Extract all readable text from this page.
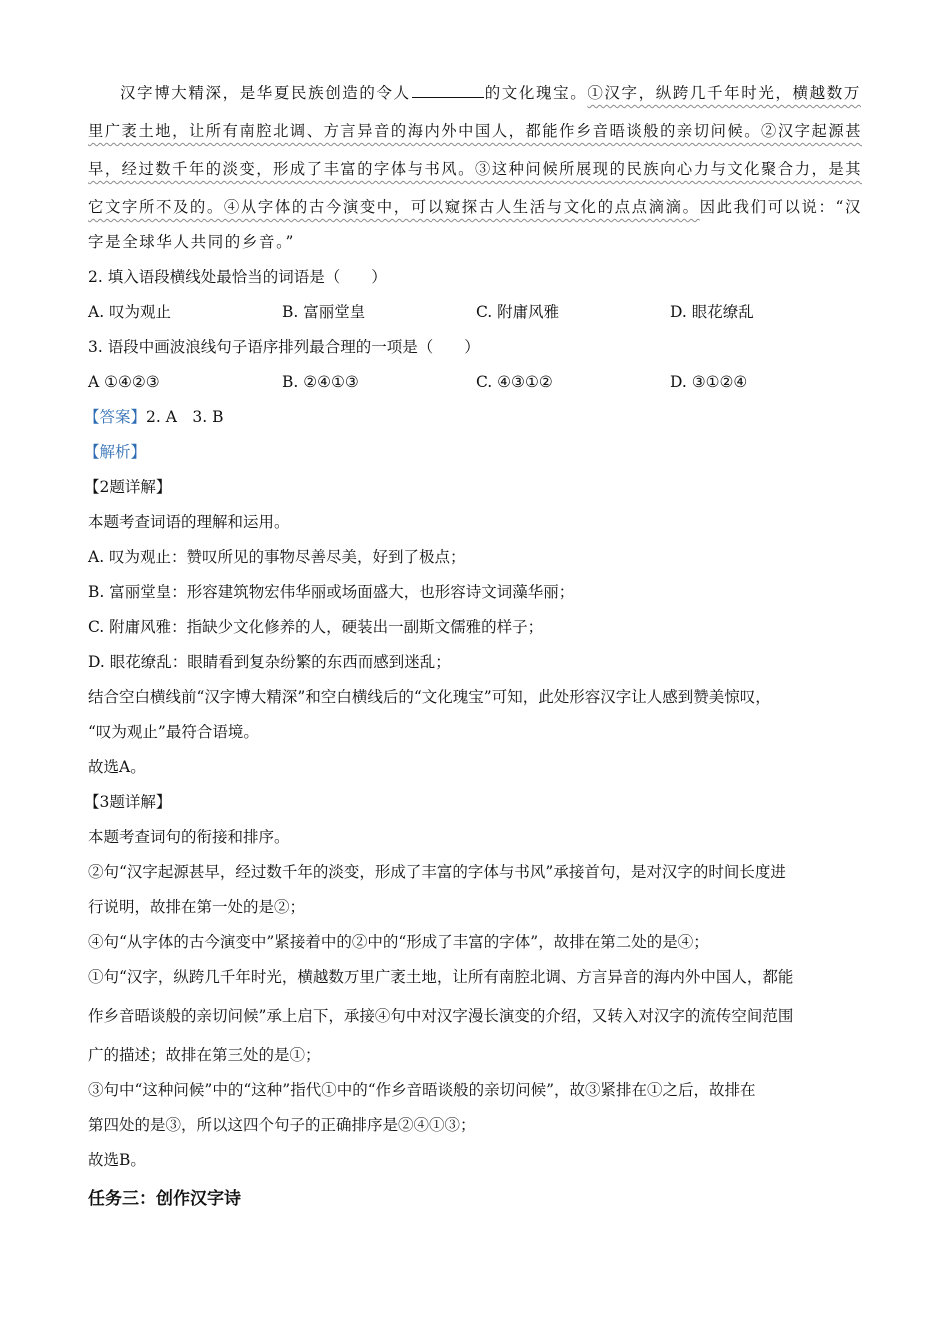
汉字博大精深，是华夏民族创造的令人	的文化瑰宝。①汉字，纵跨几千年时光，横越数万
里广袤土地，让所有南腔北调、方言异音的海内外中国人，都能作乡音晤谈般的亲切问候。②汉字起源甚
早，经过数千年的淡变，形成了丰富的字体与书风。③这种问候所展现的民族向心力与文化聚合力，是其
它文字所不及的。④从字体的古今演变中，可以窥探古人生活与文化的点点滴滴。因此我们可以说：“汉
字是全球华人共同的乡音。”
2. 填入语段横线处最恰当的词语是（　　）
A. 叹为观止	B. 富丽堂皇	C. 附庸风雅	D. 眼花缭乱
3. 语段中画波浪线句子语序排列最合理的一项是（　　）
A ①④②③	B. ②④①③	C. ④③①②	D. ③①②④
【答案】2. A　3. B
【解析】
【2题详解】
本题考查词语的理解和运用。
A. 叹为观止：赞叹所见的事物尽善尽美，好到了极点；
B. 富丽堂皇：形容建筑物宏伟华丽或场面盛大，也形容诗文词藻华丽；
C. 附庸风雅：指缺少文化修养的人，硬装出一副斯文儒雅的样子；
D. 眼花缭乱：眼睛看到复杂纷繁的东西而感到迷乱；
结合空白横线前“汉字博大精深”和空白横线后的“文化瑰宝”可知，此处形容汉字让人感到赞美惊叹，
“叹为观止”最符合语境。
故选A。
【3题详解】
本题考查词句的衔接和排序。
②句“汉字起源甚早，经过数千年的淡变，形成了丰富的字体与书风”承接首句，是对汉字的时间长度进
行说明，故排在第一处的是②；
④句“从字体的古今演变中”紧接着中的②中的“形成了丰富的字体”，故排在第二处的是④；
①句“汉字，纵跨几千年时光，横越数万里广袤土地，让所有南腔北调、方言异音的海内外中国人，都能
作乡音晤谈般的亲切问候”承上启下，承接④句中对汉字漫长演变的介绍，又转入对汉字的流传空间范围
广的描述；故排在第三处的是①；
③句中“这种问候”中的“这种”指代①中的“作乡音晤谈般的亲切问候”，故③紧排在①之后，故排在
第四处的是③，所以这四个句子的正确排序是②④①③；
故选B。
任务三：创作汉字诗
